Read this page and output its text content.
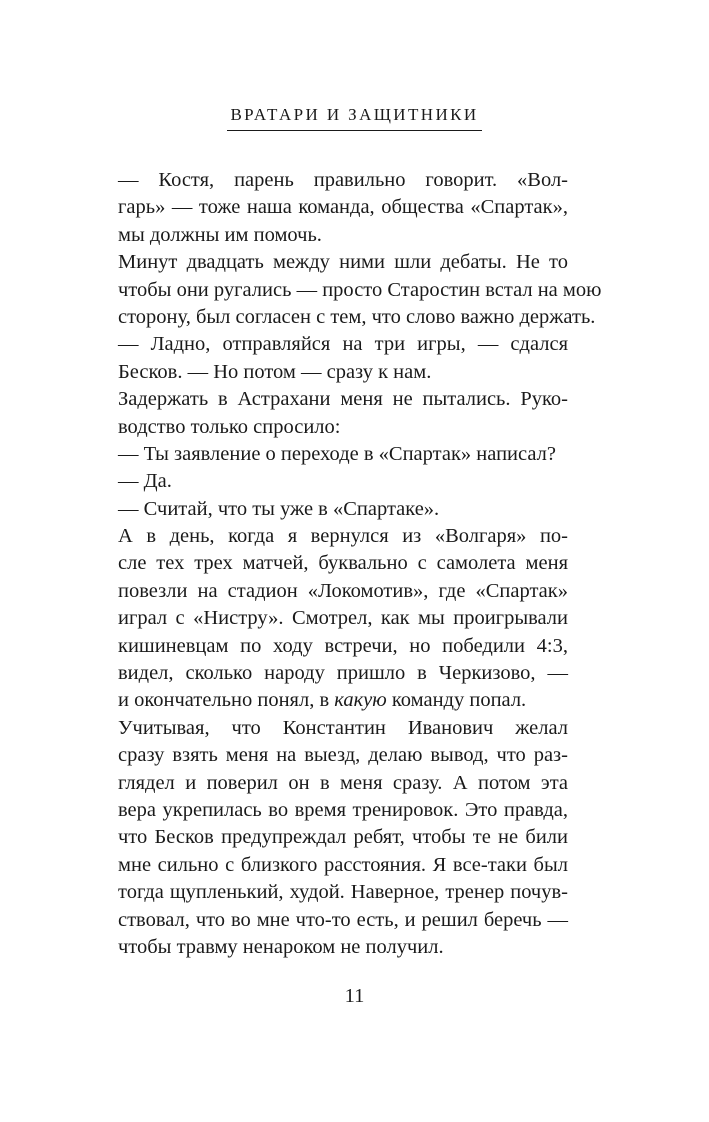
ВРАТАРИ И ЗАЩИТНИКИ
— Костя, парень правильно говорит. «Вол-
гарь» — тоже наша команда, общества «Спартак»,
мы должны им помочь.
Минут двадцать между ними шли дебаты. Не то
чтобы они ругались — просто Старостин встал на мою
сторону, был согласен с тем, что слово важно держать.
— Ладно, отправляйся на три игры, — сдался
Бесков. — Но потом — сразу к нам.
Задержать в Астрахани меня не пытались. Руко-
водство только спросило:
— Ты заявление о переходе в «Спартак» написал?
— Да.
— Считай, что ты уже в «Спартаке».
А в день, когда я вернулся из «Волгаря» по-
сле тех трех матчей, буквально с самолета меня
повезли на стадион «Локомотив», где «Спартак»
играл с «Нистру». Смотрел, как мы проигрывали
кишиневцам по ходу встречи, но победили 4:3,
видел, сколько народу пришло в Черкизово, —
и окончательно понял, в какую команду попал.
Учитывая, что Константин Иванович желал
сразу взять меня на выезд, делаю вывод, что раз-
глядел и поверил он в меня сразу. А потом эта
вера укрепилась во время тренировок. Это правда,
что Бесков предупреждал ребят, чтобы те не били
мне сильно с близкого расстояния. Я все-таки был
тогда щупленький, худой. Наверное, тренер почув-
ствовал, что во мне что-то есть, и решил беречь —
чтобы травму ненароком не получил.
11
